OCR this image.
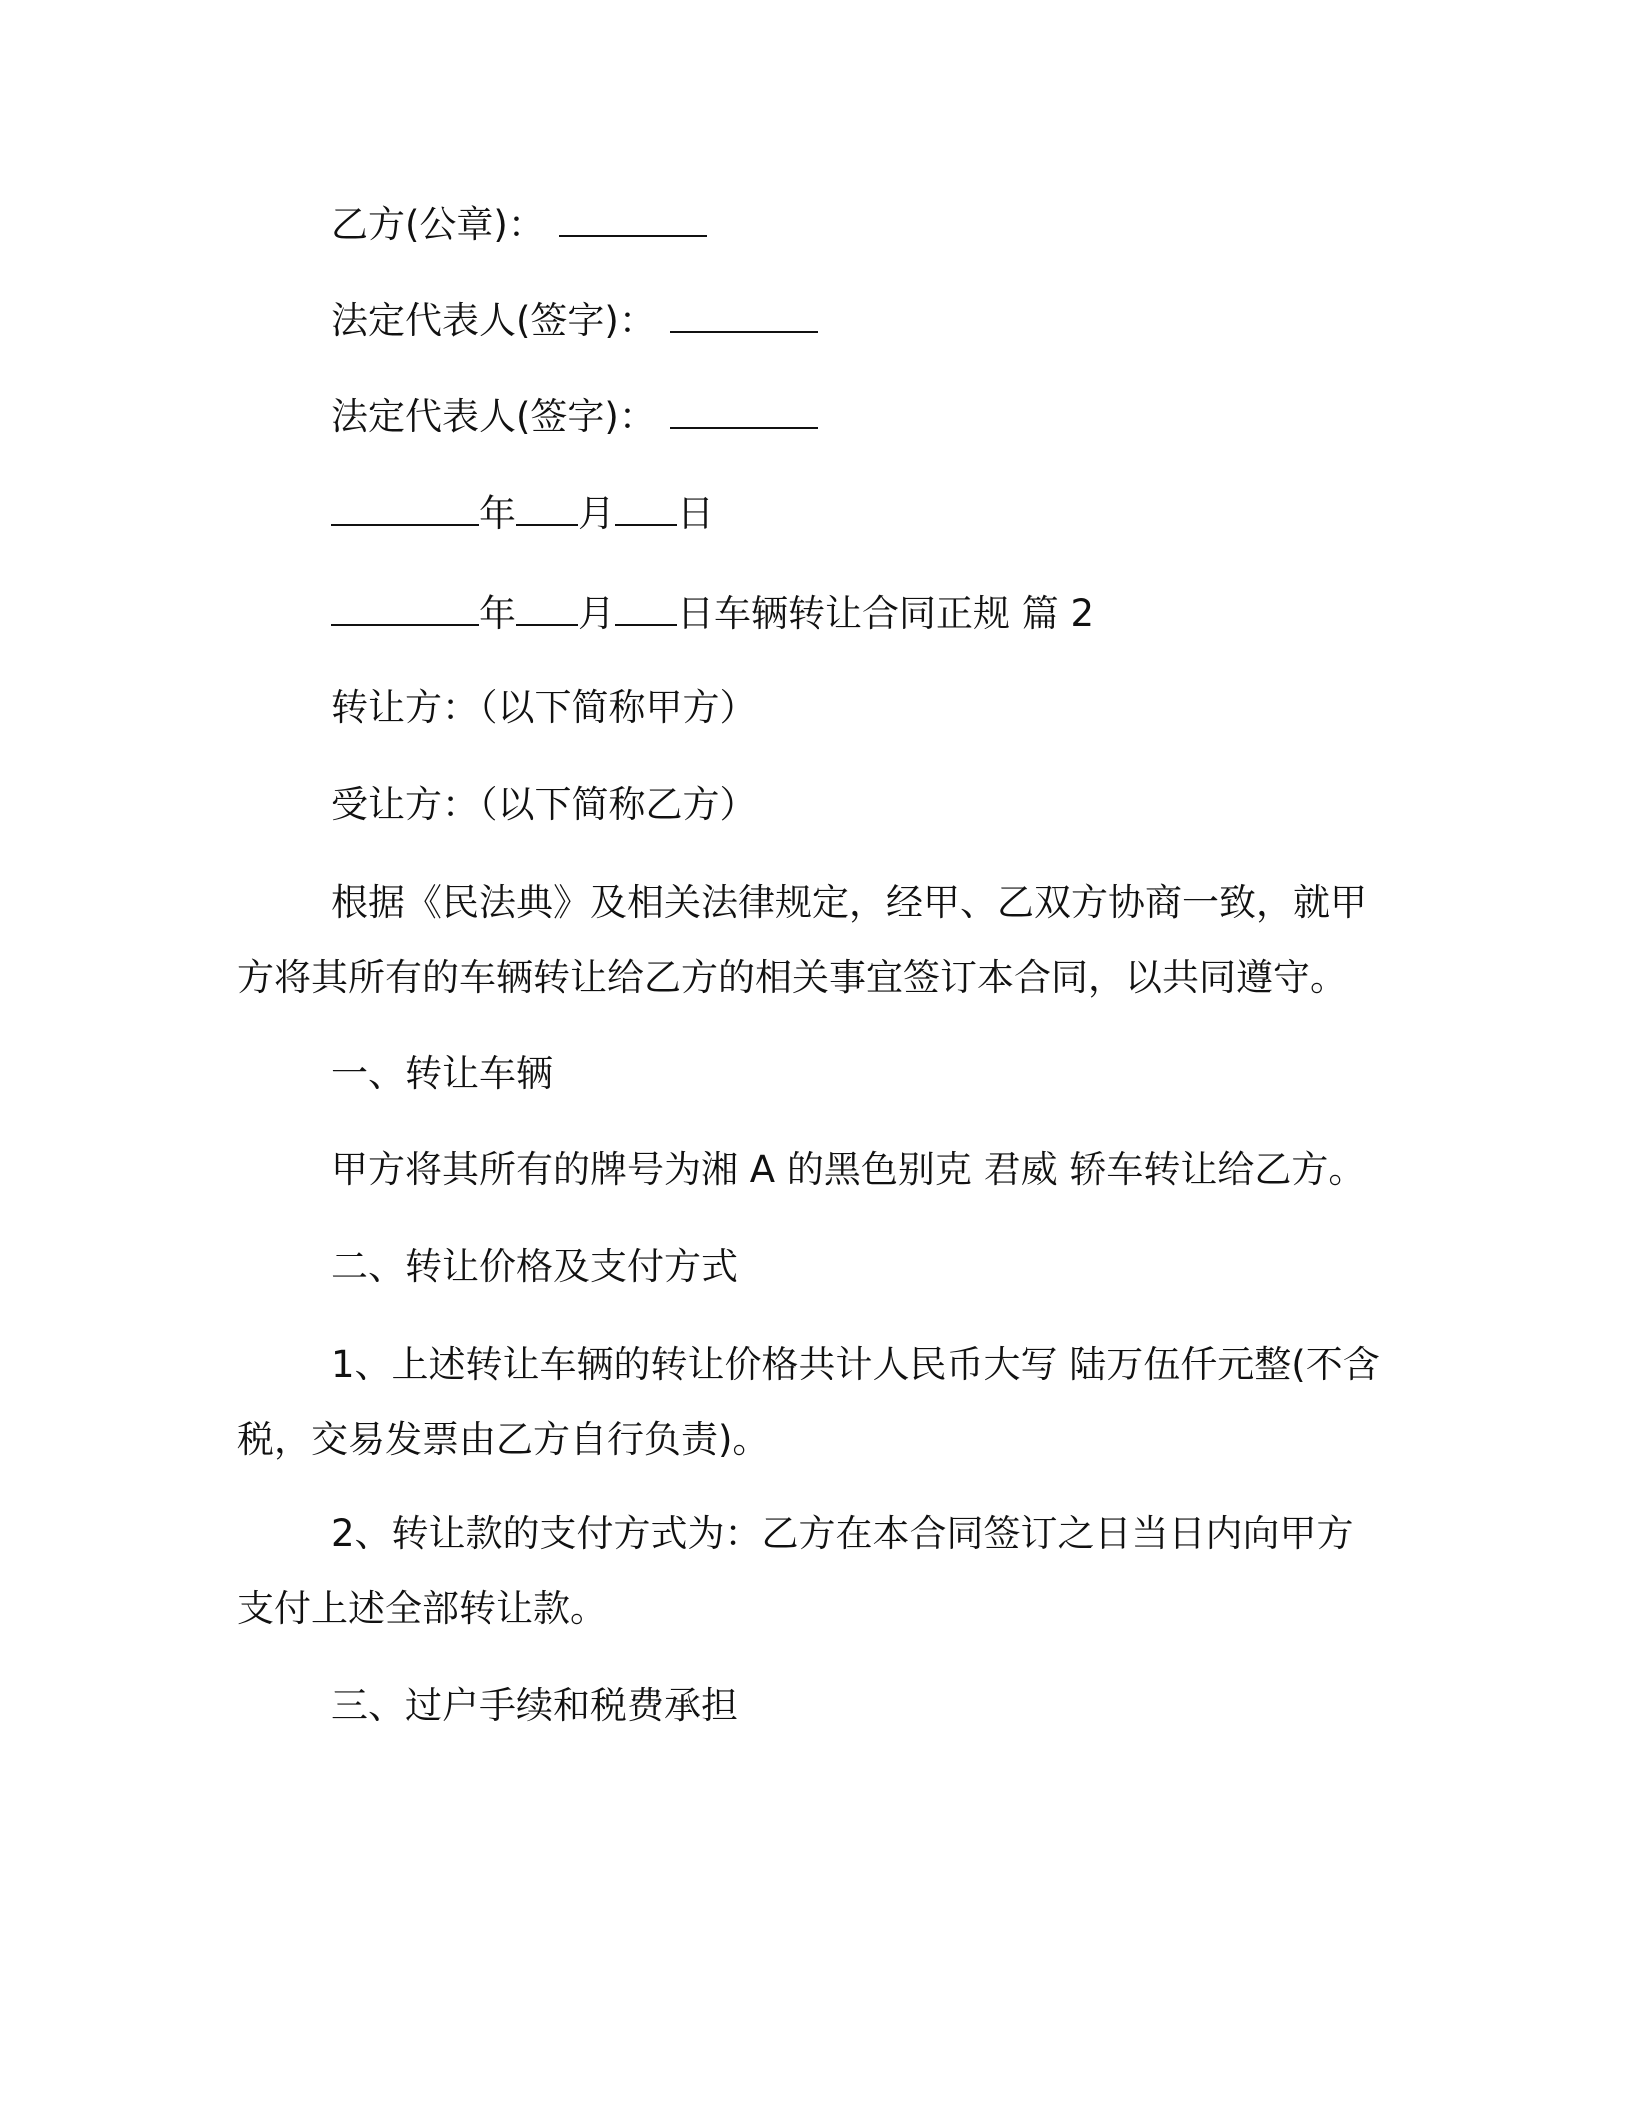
乙方(公章)：
法定代表人(签字)：
法定代表人(签字)：
年 月 日
年 月 日车辆转让合同正规 篇 2
转让方：（以下简称甲方）
受让方：（以下简称乙方）
根据《民法典》及相关法律规定，经甲、乙双方协商一致，就甲
方将其所有的车辆转让给乙方的相关事宜签订本合同，以共同遵守。
一、转让车辆
甲方将其所有的牌号为湘 A 的黑色别克 君威 轿车转让给乙方。
二、转让价格及支付方式
1、上述转让车辆的转让价格共计人民币大写 陆万伍仟元整(不含
税，交易发票由乙方自行负责)。
2、转让款的支付方式为：乙方在本合同签订之日当日内向甲方
支付上述全部转让款。
三、过户手续和税费承担
